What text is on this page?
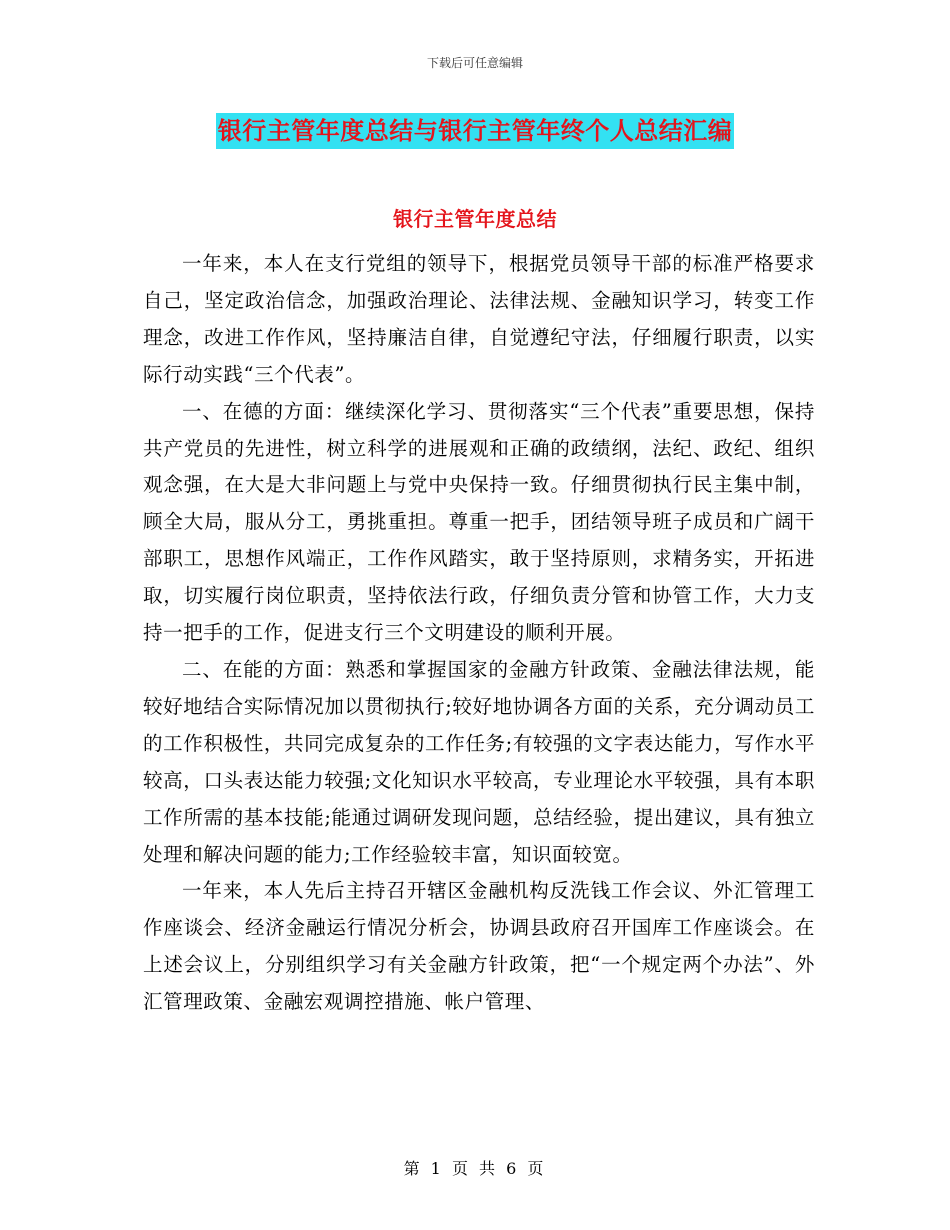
下载后可任意编辑
银行主管年度总结与银行主管年终个人总结汇编
银行主管年度总结

一年来，本人在支行党组的领导下，根据党员领导干部的标准严格要求自己，坚定政治信念，加强政治理论、法律法规、金融知识学习，转变工作理念，改进工作作风，坚持廉洁自律，自觉遵纪守法，仔细履行职责，以实际行动实践“三个代表”。

一、在德的方面：继续深化学习、贯彻落实“三个代表”重要思想，保持共产党员的先进性，树立科学的进展观和正确的政绩纲，法纪、政纪、组织观念强，在大是大非问题上与党中央保持一致。仔细贯彻执行民主集中制，顾全大局，服从分工，勇挑重担。尊重一把手，团结领导班子成员和广阔干部职工，思想作风端正，工作作风踏实，敢于坚持原则，求精务实，开拓进取，切实履行岗位职责，坚持依法行政，仔细负责分管和协管工作，大力支持一把手的工作，促进支行三个文明建设的顺利开展。

二、在能的方面：熟悉和掌握国家的金融方针政策、金融法律法规，能较好地结合实际情况加以贯彻执行;较好地协调各方面的关系，充分调动员工的工作积极性，共同完成复杂的工作任务;有较强的文字表达能力，写作水平较高，口头表达能力较强;文化知识水平较高，专业理论水平较强，具有本职工作所需的基本技能;能通过调研发现问题，总结经验，提出建议，具有独立处理和解决问题的能力;工作经验较丰富，知识面较宽。

一年来，本人先后主持召开辖区金融机构反洗钱工作会议、外汇管理工作座谈会、经济金融运行情况分析会，协调县政府召开国库工作座谈会。在上述会议上，分别组织学习有关金融方针政策，把“一个规定两个办法”、外汇管理政策、金融宏观调控措施、帐户管理、

第 1 页 共 6 页
